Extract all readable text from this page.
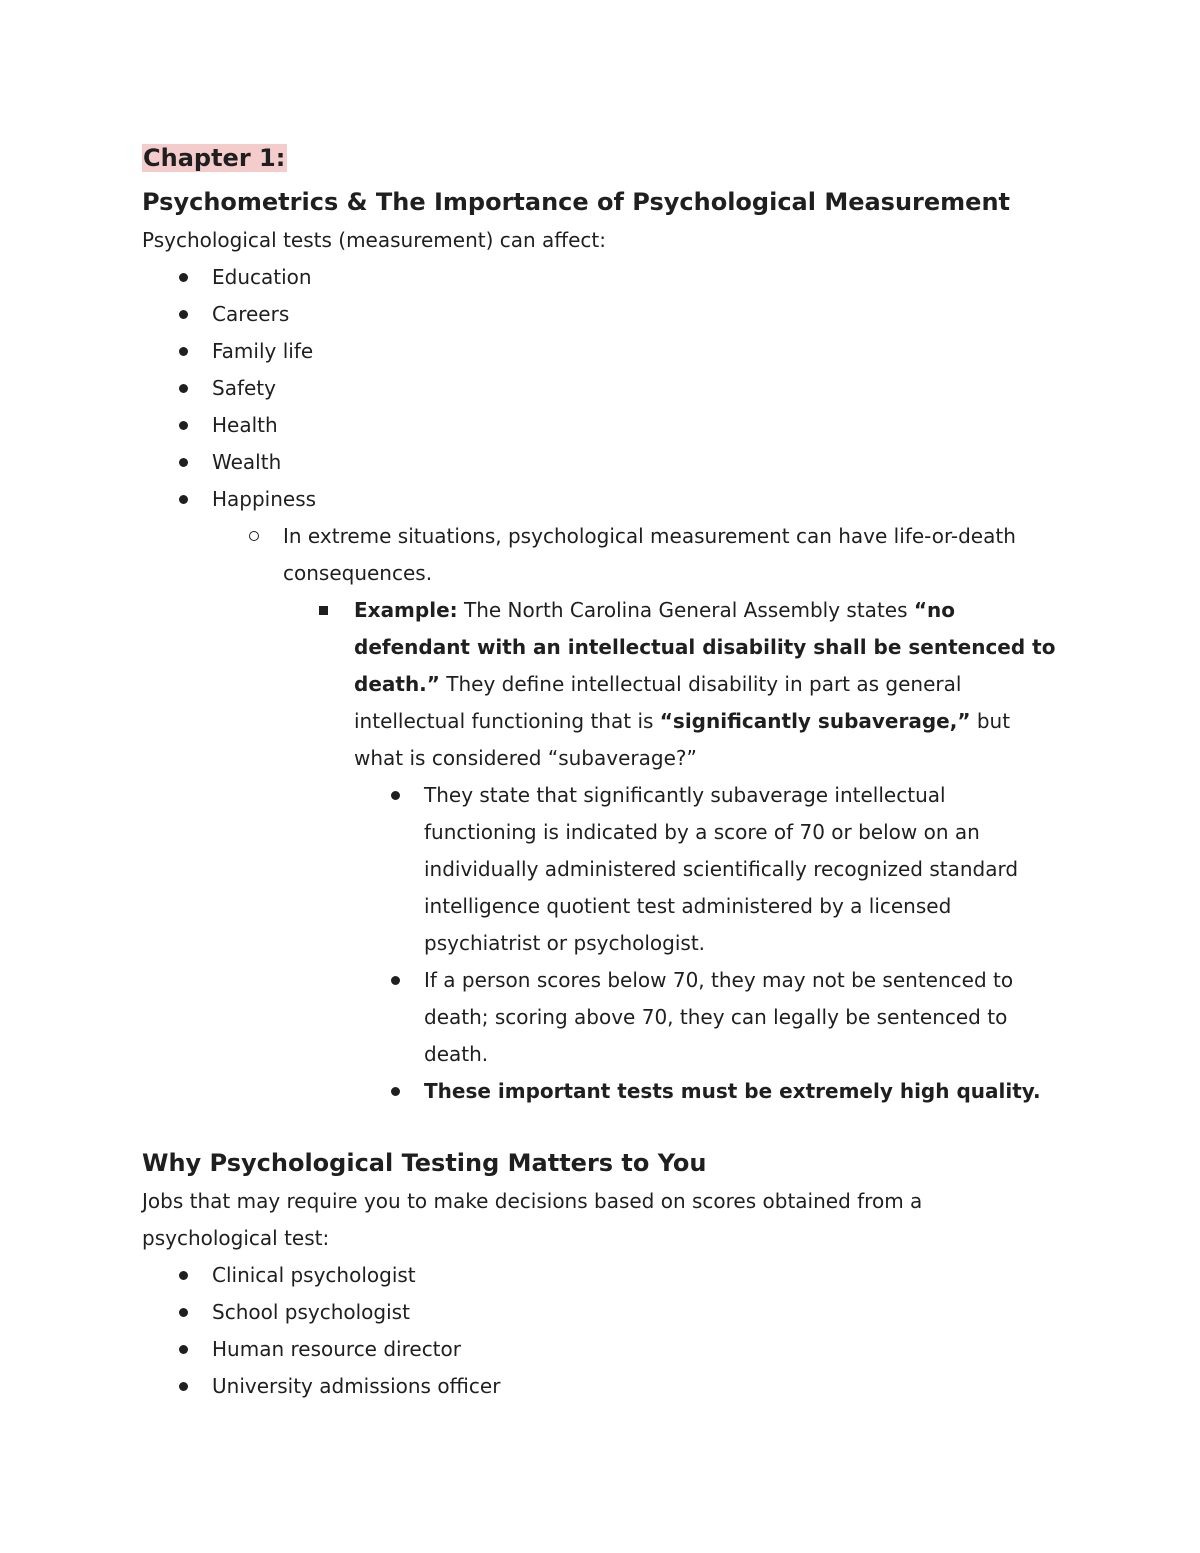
Chapter 1:
Psychometrics & The Importance of Psychological Measurement
Psychological tests (measurement) can affect:
Education
Careers
Family life
Safety
Health
Wealth
Happiness
In extreme situations, psychological measurement can have life-or-death consequences.
Example: The North Carolina General Assembly states “no defendant with an intellectual disability shall be sentenced to death.” They define intellectual disability in part as general intellectual functioning that is “significantly subaverage,” but what is considered “subaverage?”
They state that significantly subaverage intellectual functioning is indicated by a score of 70 or below on an individually administered scientifically recognized standard intelligence quotient test administered by a licensed psychiatrist or psychologist.
If a person scores below 70, they may not be sentenced to death; scoring above 70, they can legally be sentenced to death.
These important tests must be extremely high quality.
Why Psychological Testing Matters to You
Jobs that may require you to make decisions based on scores obtained from a psychological test:
Clinical psychologist
School psychologist
Human resource director
University admissions officer
